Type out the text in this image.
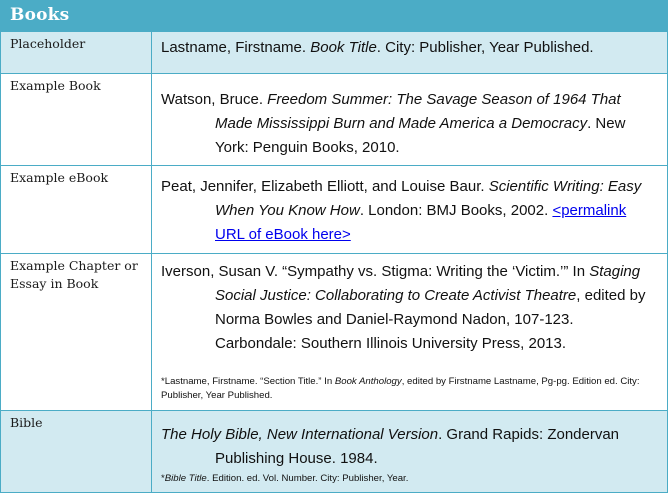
Books
Placeholder	Lastname, Firstname. Book Title. City: Publisher, Year Published.
Example Book
Watson, Bruce. Freedom Summer: The Savage Season of 1964 That Made Mississippi Burn and Made America a Democracy. New York: Penguin Books, 2010.
Example eBook
Peat, Jennifer, Elizabeth Elliott, and Louise Baur. Scientific Writing: Easy When You Know How. London: BMJ Books, 2002. <permalink URL of eBook here>
Example Chapter or Essay in Book
Iverson, Susan V. “Sympathy vs. Stigma: Writing the ‘Victim.’” In Staging Social Justice: Collaborating to Create Activist Theatre, edited by Norma Bowles and Daniel-Raymond Nadon, 107-123. Carbondale: Southern Illinois University Press, 2013.
*Lastname, Firstname. “Section Title.” In Book Anthology, edited by Firstname Lastname, Pg-pg. Edition ed. City: Publisher, Year Published.
Bible
The Holy Bible, New International Version. Grand Rapids: Zondervan Publishing House. 1984.
*Bible Title. Edition. ed. Vol. Number. City: Publisher, Year.
